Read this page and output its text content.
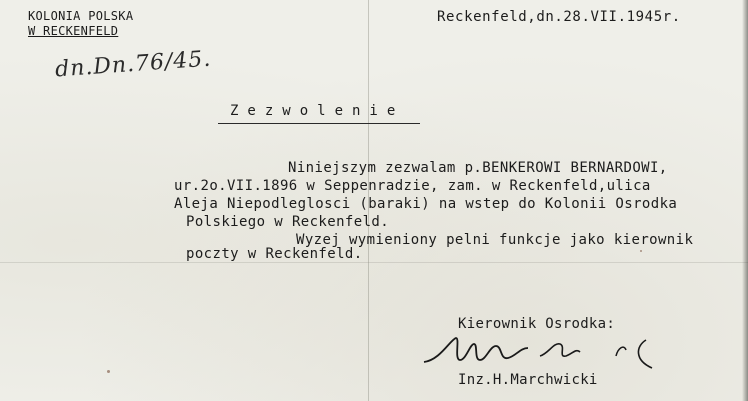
KOLONIA POLSKA
W RECKENFELD
dn.Dn.76/45.
Reckenfeld,dn.28.VII.1945r.
Zezwolenie
Niniejszym zezwalam p.BENKEROWI BERNARDOWI,
ur.2o.VII.1896 w Seppenradzie, zam. w Reckenfeld,ulica
Aleja Niepodleglosci (baraki) na wstep do Kolonii Osrodka
Polskiego w Reckenfeld.
Wyzej wymieniony pelni funkcje jako kierownik
poczty w Reckenfeld.
Kierownik Osrodka:
Inz.H.Marchwicki
